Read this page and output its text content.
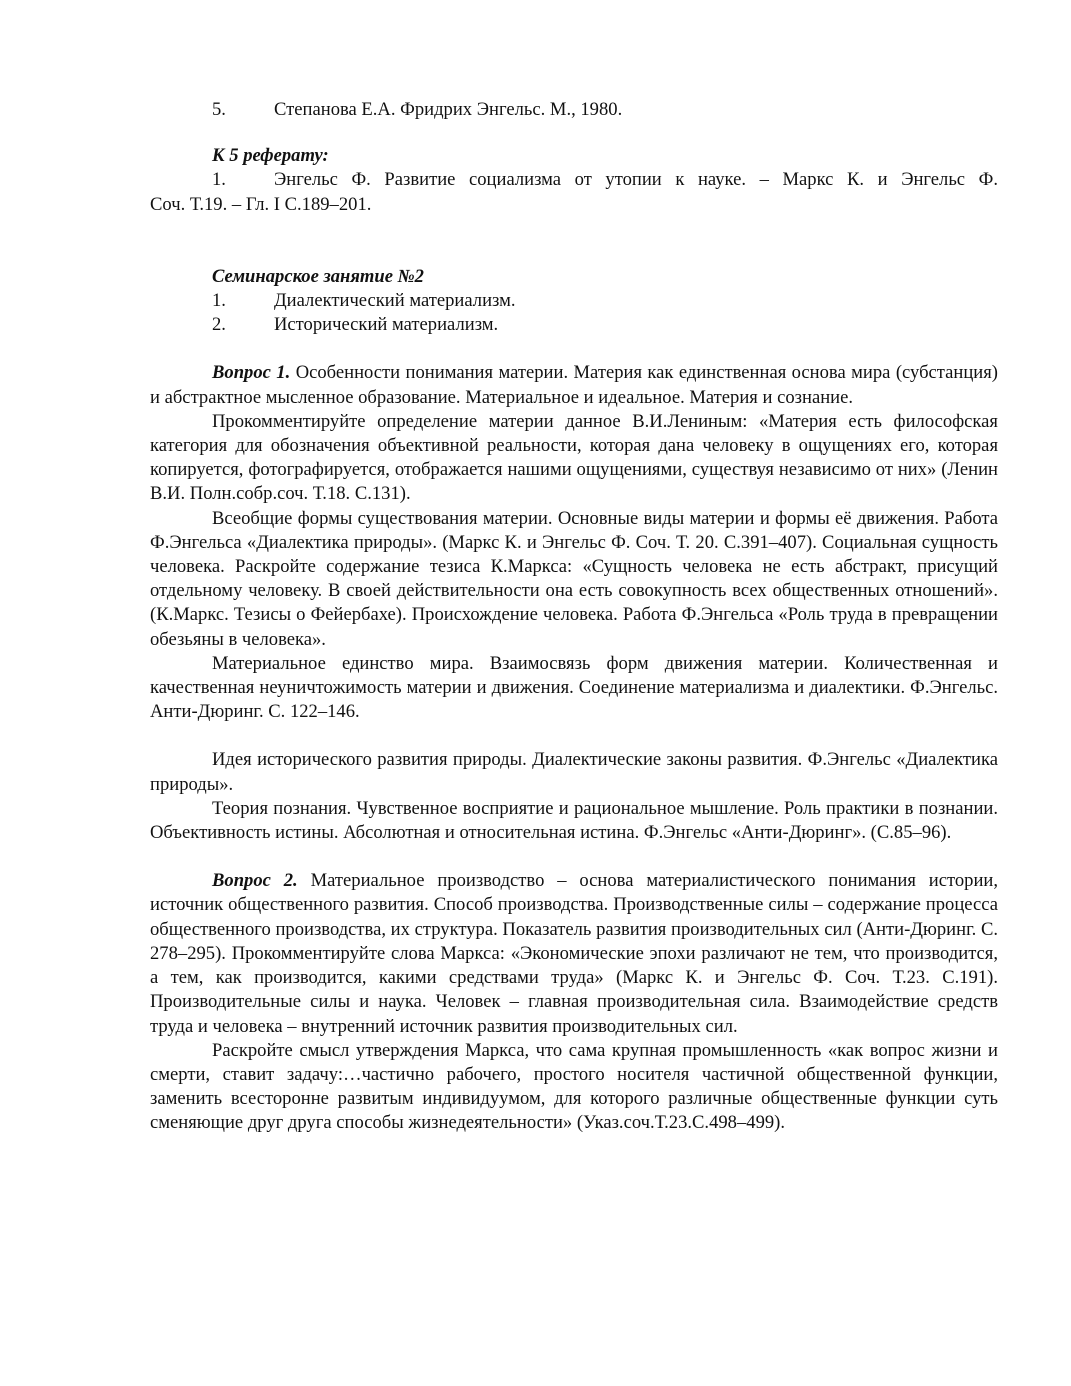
5.	Степанова Е.А. Фридрих Энгельс. М., 1980.

К 5 реферату:

1.	Энгельс Ф. Развитие социализма от утопии к науке. – Маркс К. и Энгельс Ф.

Соч. Т.19. – Гл. I С.189–201.

Семинарское занятие №2

1.	Диалектический материализм.
2.	Исторический материализм.

Вопрос 1. Особенности понимания материи. Материя как единственная основа мира (субстанция) и абстрактное мысленное образование. Материальное и идеальное. Материя и сознание.

Прокомментируйте определение материи данное В.И.Лениным: «Материя есть философская категория для обозначения объективной реальности, которая дана человеку в ощущениях его, которая копируется, фотографируется, отображается нашими ощущениями, существуя независимо от них» (Ленин В.И. Полн.собр.соч. Т.18. С.131).

Всеобщие формы существования материи. Основные виды материи и формы её движения. Работа Ф.Энгельса «Диалектика природы». (Маркс К. и Энгельс Ф. Соч. Т. 20. С.391–407). Социальная сущность человека. Раскройте содержание тезиса К.Маркса: «Сущность человека не есть абстракт, присущий отдельному человеку. В своей действительности она есть совокупность всех общественных отношений». (К.Маркс. Тезисы о Фейербахе). Происхождение человека. Работа Ф.Энгельса «Роль труда в превращении обезьяны в человека».

Материальное единство мира. Взаимосвязь форм движения материи. Количественная и качественная неуничтожимость материи и движения. Соединение материализма и диалектики. Ф.Энгельс. Анти-Дюринг. С. 122–146.

Идея исторического развития природы. Диалектические законы развития. Ф.Энгельс «Диалектика природы».

Теория познания. Чувственное восприятие и рациональное мышление. Роль практики в познании. Объективность истины. Абсолютная и относительная истина. Ф.Энгельс «Анти-Дюринг». (С.85–96).

Вопрос 2. Материальное производство – основа материалистического понимания истории, источник общественного развития. Способ производства. Производственные силы – содержание процесса общественного производства, их структура. Показатель развития производительных сил (Анти-Дюринг. С. 278–295). Прокомментируйте слова Маркса: «Экономические эпохи различают не тем, что производится, а тем, как производится, какими средствами труда» (Маркс К. и Энгельс Ф. Соч. Т.23. С.191). Производительные силы и наука. Человек – главная производительная сила. Взаимодействие средств труда и человека – внутренний источник развития производительных сил.

Раскройте смысл утверждения Маркса, что сама крупная промышленность «как вопрос жизни и смерти, ставит задачу:…частично рабочего, простого носителя частичной общественной функции, заменить всесторонне развитым индивидуумом, для которого различные общественные функции суть сменяющие друг друга способы жизнедеятельности» (Указ.соч.Т.23.С.498–499).
